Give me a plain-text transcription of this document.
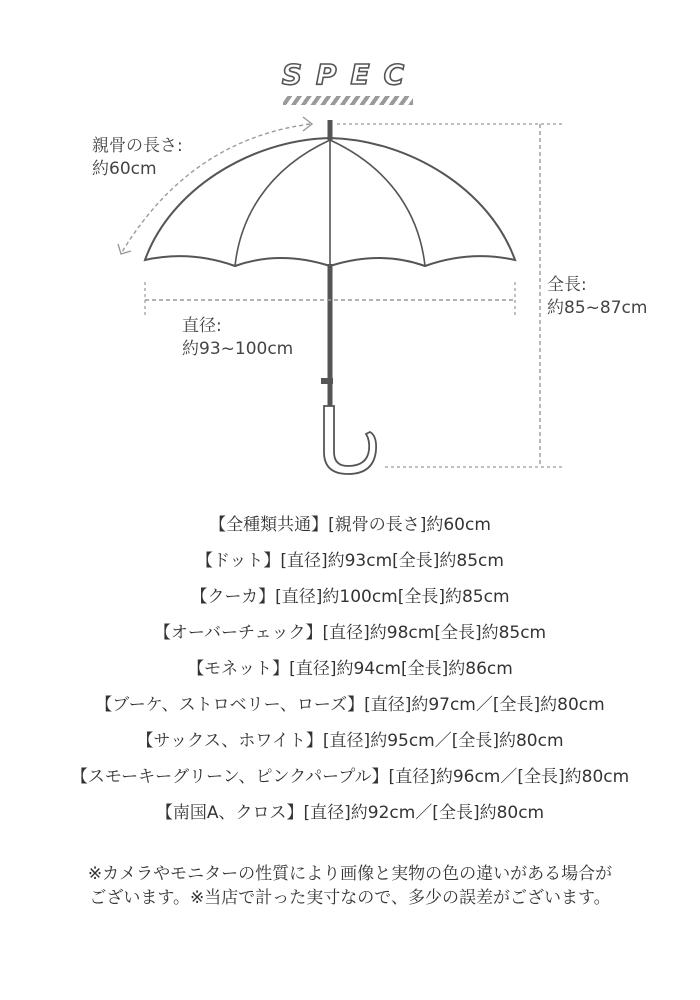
SPEC
親骨の長さ:
約60cm
直径:
約93~100cm
全長:
約85~87cm
【全種類共通】[親骨の長さ]約60cm
【ドット】[直径]約93cm[全長]約85cm
【クーカ】[直径]約100cm[全長]約85cm
【オーバーチェック】[直径]約98cm[全長]約85cm
【モネット】[直径]約94cm[全長]約86cm
【ブーケ、ストロベリー、ローズ】[直径]約97cm／[全長]約80cm
【サックス、ホワイト】[直径]約95cm／[全長]約80cm
【スモーキーグリーン、ピンクパープル】[直径]約96cm／[全長]約80cm
【南国A、クロス】[直径]約92cm／[全長]約80cm
※カメラやモニターの性質により画像と実物の色の違いがある場合が
ございます。※当店で計った実寸なので、多少の誤差がございます。
